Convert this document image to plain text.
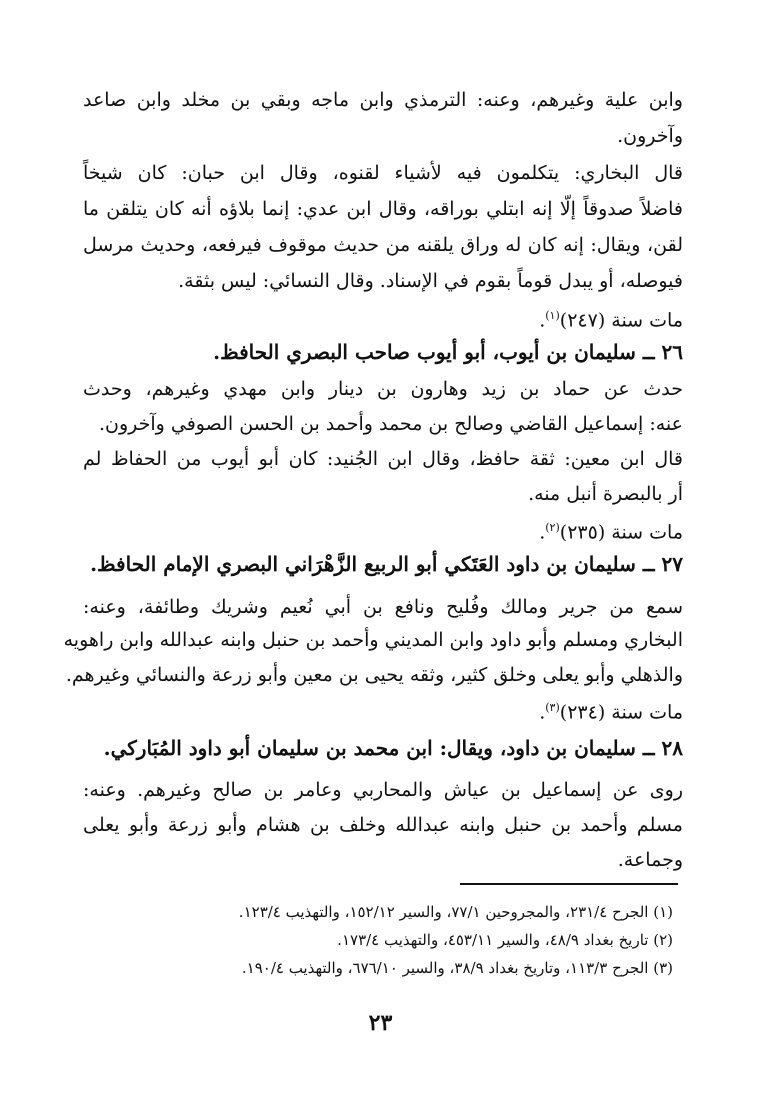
وابن علية وغيرهم، وعنه: الترمذي وابن ماجه وبقي بن مخلد وابن صاعد
وآخرون.
قال البخاري: يتكلمون فيه لأشياء لقنوه، وقال ابن حبان: كان شيخاً
فاضلاً صدوقاً إلّا إنه ابتلي بوراقه، وقال ابن عدي: إنما بلاؤه أنه كان يتلقن ما
لقن، ويقال: إنه كان له وراق يلقنه من حديث موقوف فيرفعه، وحديث مرسل
فيوصله، أو يبدل قوماً بقوم في الإسناد. وقال النسائي: ليس بثقة.
مات سنة (٢٤٧)$^{(١)}$.
٢٦ ــ سليمان بن أيوب، أبو أيوب صاحب البصري الحافظ.
حدث عن حماد بن زيد وهارون بن دينار وابن مهدي وغيرهم، وحدث
عنه: إسماعيل القاضي وصالح بن محمد وأحمد بن الحسن الصوفي وآخرون.
قال ابن معين: ثقة حافظ، وقال ابن الجُنيد: كان أبو أيوب من الحفاظ لم
أر بالبصرة أنبل منه.
مات سنة (٢٣٥)$^{(٢)}$.
٢٧ ــ سليمان بن داود العَتَكي أبو الربيع الزَّهْرَاني البصري الإمام الحافظ.
سمع من جرير ومالك وفُليح ونافع بن أبي نُعيم وشريك وطائفة، وعنه:
البخاري ومسلم وأبو داود وابن المديني وأحمد بن حنبل وابنه عبدالله وابن راهويه
والذهلي وأبو يعلى وخلق كثير، وثقه يحيى بن معين وأبو زرعة والنسائي وغيرهم.
مات سنة (٢٣٤)$^{(٣)}$.
٢٨ ــ سليمان بن داود، ويقال: ابن محمد بن سليمان أبو داود المُبَاركي.
روى عن إسماعيل بن عياش والمحاربي وعامر بن صالح وغيرهم. وعنه:
مسلم وأحمد بن حنبل وابنه عبدالله وخلف بن هشام وأبو زرعة وأبو يعلى
وجماعة.
(١) الجرح ٢٣١/٤، والمجروحين ٧٧/١، والسير ١٥٢/١٢، والتهذيب ١٢٣/٤.
(٢) تاريخ بغداد ٤٨/٩، والسير ٤٥٣/١١، والتهذيب ١٧٣/٤.
(٣) الجرح ١١٣/٣، وتاريخ بغداد ٣٨/٩، والسير ٦٧٦/١٠، والتهذيب ١٩٠/٤.
٢٣
